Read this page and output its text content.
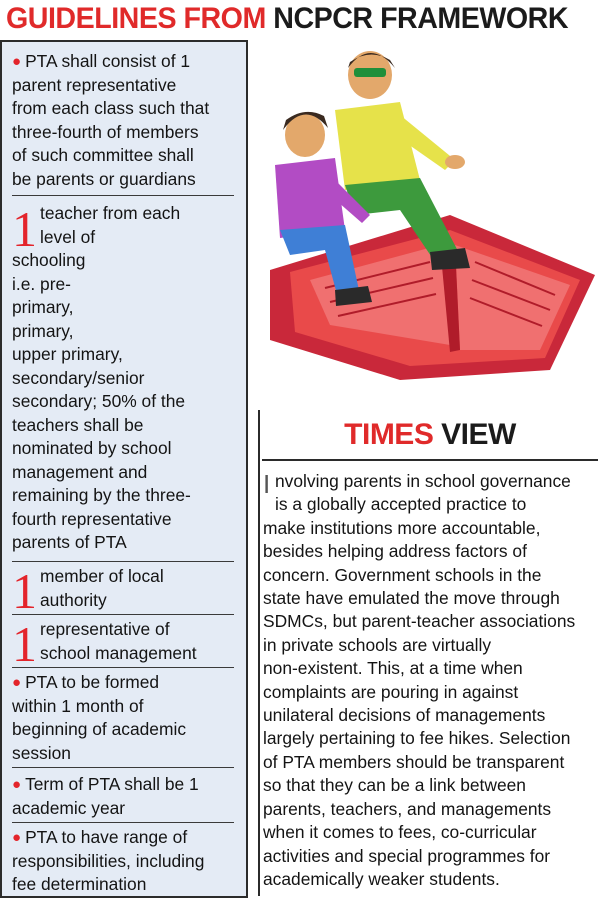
GUIDELINES FROM NCPCR FRAMEWORK
● PTA shall consist of 1
parent representative
from each class such that
three-fourth of members
of such committee shall
be parents or guardians
1 teacher from each
level of
schooling
i.e. pre-
primary,
primary,
upper primary,
secondary/senior
secondary; 50% of the
teachers shall be
nominated by school
management and
remaining by the three-
fourth representative
parents of PTA
1 member of local
authority
1 representative of
school management
● PTA to be formed
within 1 month of
beginning of academic
session
● Term of PTA shall be 1
academic year
● PTA to have range of
responsibilities, including
fee determination
TIMES VIEW
I nvolving parents in school governance
is a globally accepted practice to
make institutions more accountable,
besides helping address factors of
concern. Government schools in the
state have emulated the move through
SDMCs, but parent-teacher associations
in private schools are virtually
non-existent. This, at a time when
complaints are pouring in against
unilateral decisions of managements
largely pertaining to fee hikes. Selection
of PTA members should be transparent
so that they can be a link between
parents, teachers, and managements
when it comes to fees, co-curricular
activities and special programmes for
academically weaker students.
